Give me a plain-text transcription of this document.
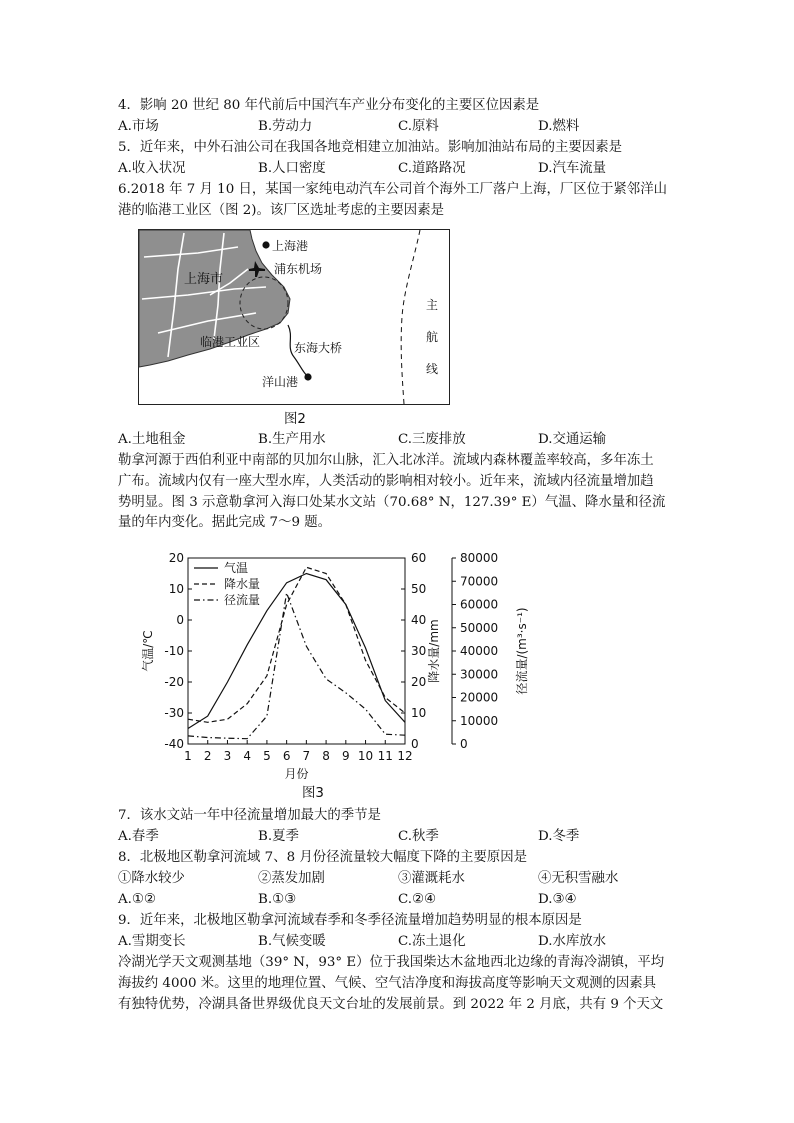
4．影响 20 世纪 80 年代前后中国汽车产业分布变化的主要区位因素是
A.市场	B.劳动力	C.原料	D.燃料
5．近年来，中外石油公司在我国各地竞相建立加油站。影响加油站布局的主要因素是
A.收入状况	B.人口密度	C.道路路况	D.汽车流量
6.2018 年 7 月 10 日，某国一家纯电动汽车公司首个海外工厂落户上海，厂区位于紧邻洋山
港的临港工业区（图 2)。该厂区选址考虑的主要因素是
上海港
浦东机场
上海市
临港工业区	东海大桥
洋山港
主
航
线
图2
A.土地租金	B.生产用水	C.三废排放	D.交通运输
勒拿河源于西伯利亚中南部的贝加尔山脉，汇入北冰洋。流域内森林覆盖率较高，多年冻土
广布。流域内仅有一座大型水库，人类活动的影响相对较小。近年来，流域内径流量增加趋
势明显。图 3 示意勒拿河入海口处某水文站（70.68° N，127.39° E）气温、降水量和径流
量的年内变化。据此完成 7～9 题。
1 2 3 4 5 6 7 8 9 10 11 12
月份
20
10
0
-10
-20
-30
-40
气温/℃
60
50
40
30
20
10
0
降水量/mm
80000
70000
60000
50000
40000
30000
20000
10000
0
径流量/(m³·s⁻¹)
气温
降水量
径流量
图3
7．该水文站一年中径流量增加最大的季节是
A.春季	B.夏季	C.秋季	D.冬季
8．北极地区勒拿河流域 7、8 月份径流量较大幅度下降的主要原因是
①降水较少	②蒸发加剧	③灌溉耗水	④无积雪融水
A.①②	B.①③	C.②④	D.③④
9．近年来，北极地区勒拿河流域春季和冬季径流量增加趋势明显的根本原因是
A.雪期变长	B.气候变暖	C.冻土退化	D.水库放水
冷湖光学天文观测基地（39° N，93° E）位于我国柴达木盆地西北边缘的青海冷湖镇，平均
海拔约 4000 米。这里的地理位置、气候、空气洁净度和海拔高度等影响天文观测的因素具
有独特优势，冷湖具备世界级优良天文台址的发展前景。到 2022 年 2 月底，共有 9 个天文
